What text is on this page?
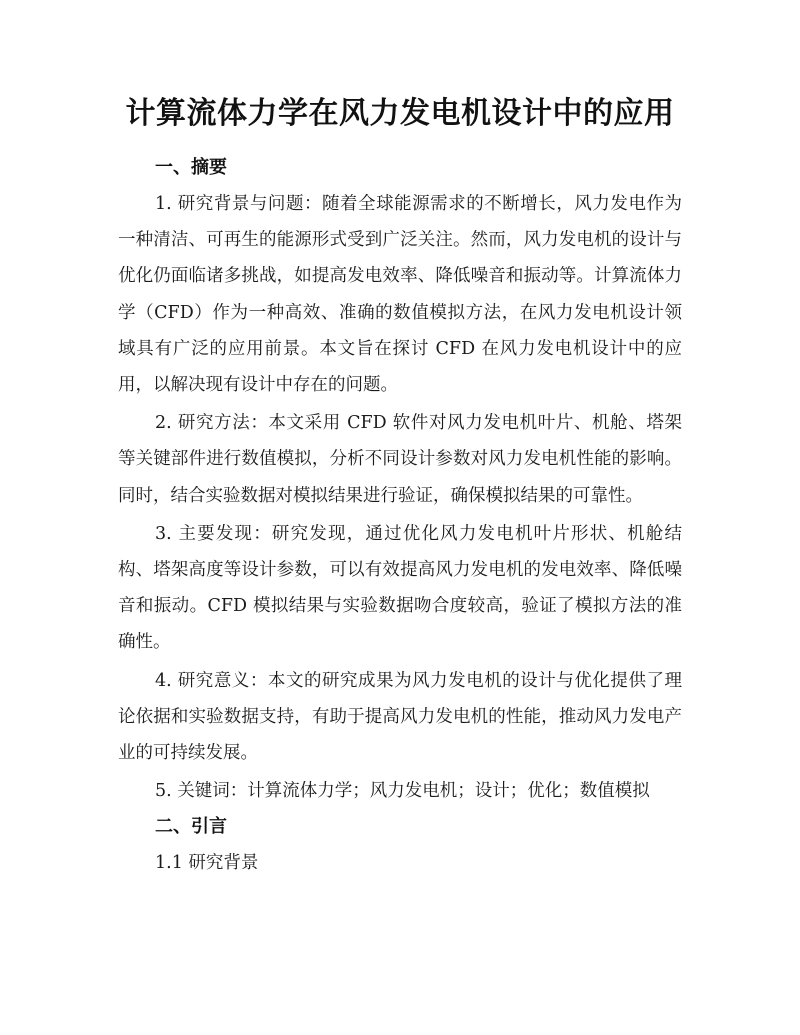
计算流体力学在风力发电机设计中的应用
一、摘要

1. 研究背景与问题：随着全球能源需求的不断增长，风力发电作为一种清洁、可再生的能源形式受到广泛关注。然而，风力发电机的设计与优化仍面临诸多挑战，如提高发电效率、降低噪音和振动等。计算流体力学（CFD）作为一种高效、准确的数值模拟方法，在风力发电机设计领域具有广泛的应用前景。本文旨在探讨 CFD 在风力发电机设计中的应用，以解决现有设计中存在的问题。

2. 研究方法：本文采用 CFD 软件对风力发电机叶片、机舱、塔架等关键部件进行数值模拟，分析不同设计参数对风力发电机性能的影响。同时，结合实验数据对模拟结果进行验证，确保模拟结果的可靠性。

3. 主要发现：研究发现，通过优化风力发电机叶片形状、机舱结构、塔架高度等设计参数，可以有效提高风力发电机的发电效率、降低噪音和振动。CFD 模拟结果与实验数据吻合度较高，验证了模拟方法的准确性。

4. 研究意义：本文的研究成果为风力发电机的设计与优化提供了理论依据和实验数据支持，有助于提高风力发电机的性能，推动风力发电产业的可持续发展。

5. 关键词：计算流体力学；风力发电机；设计；优化；数值模拟

二、引言

1.1 研究背景
